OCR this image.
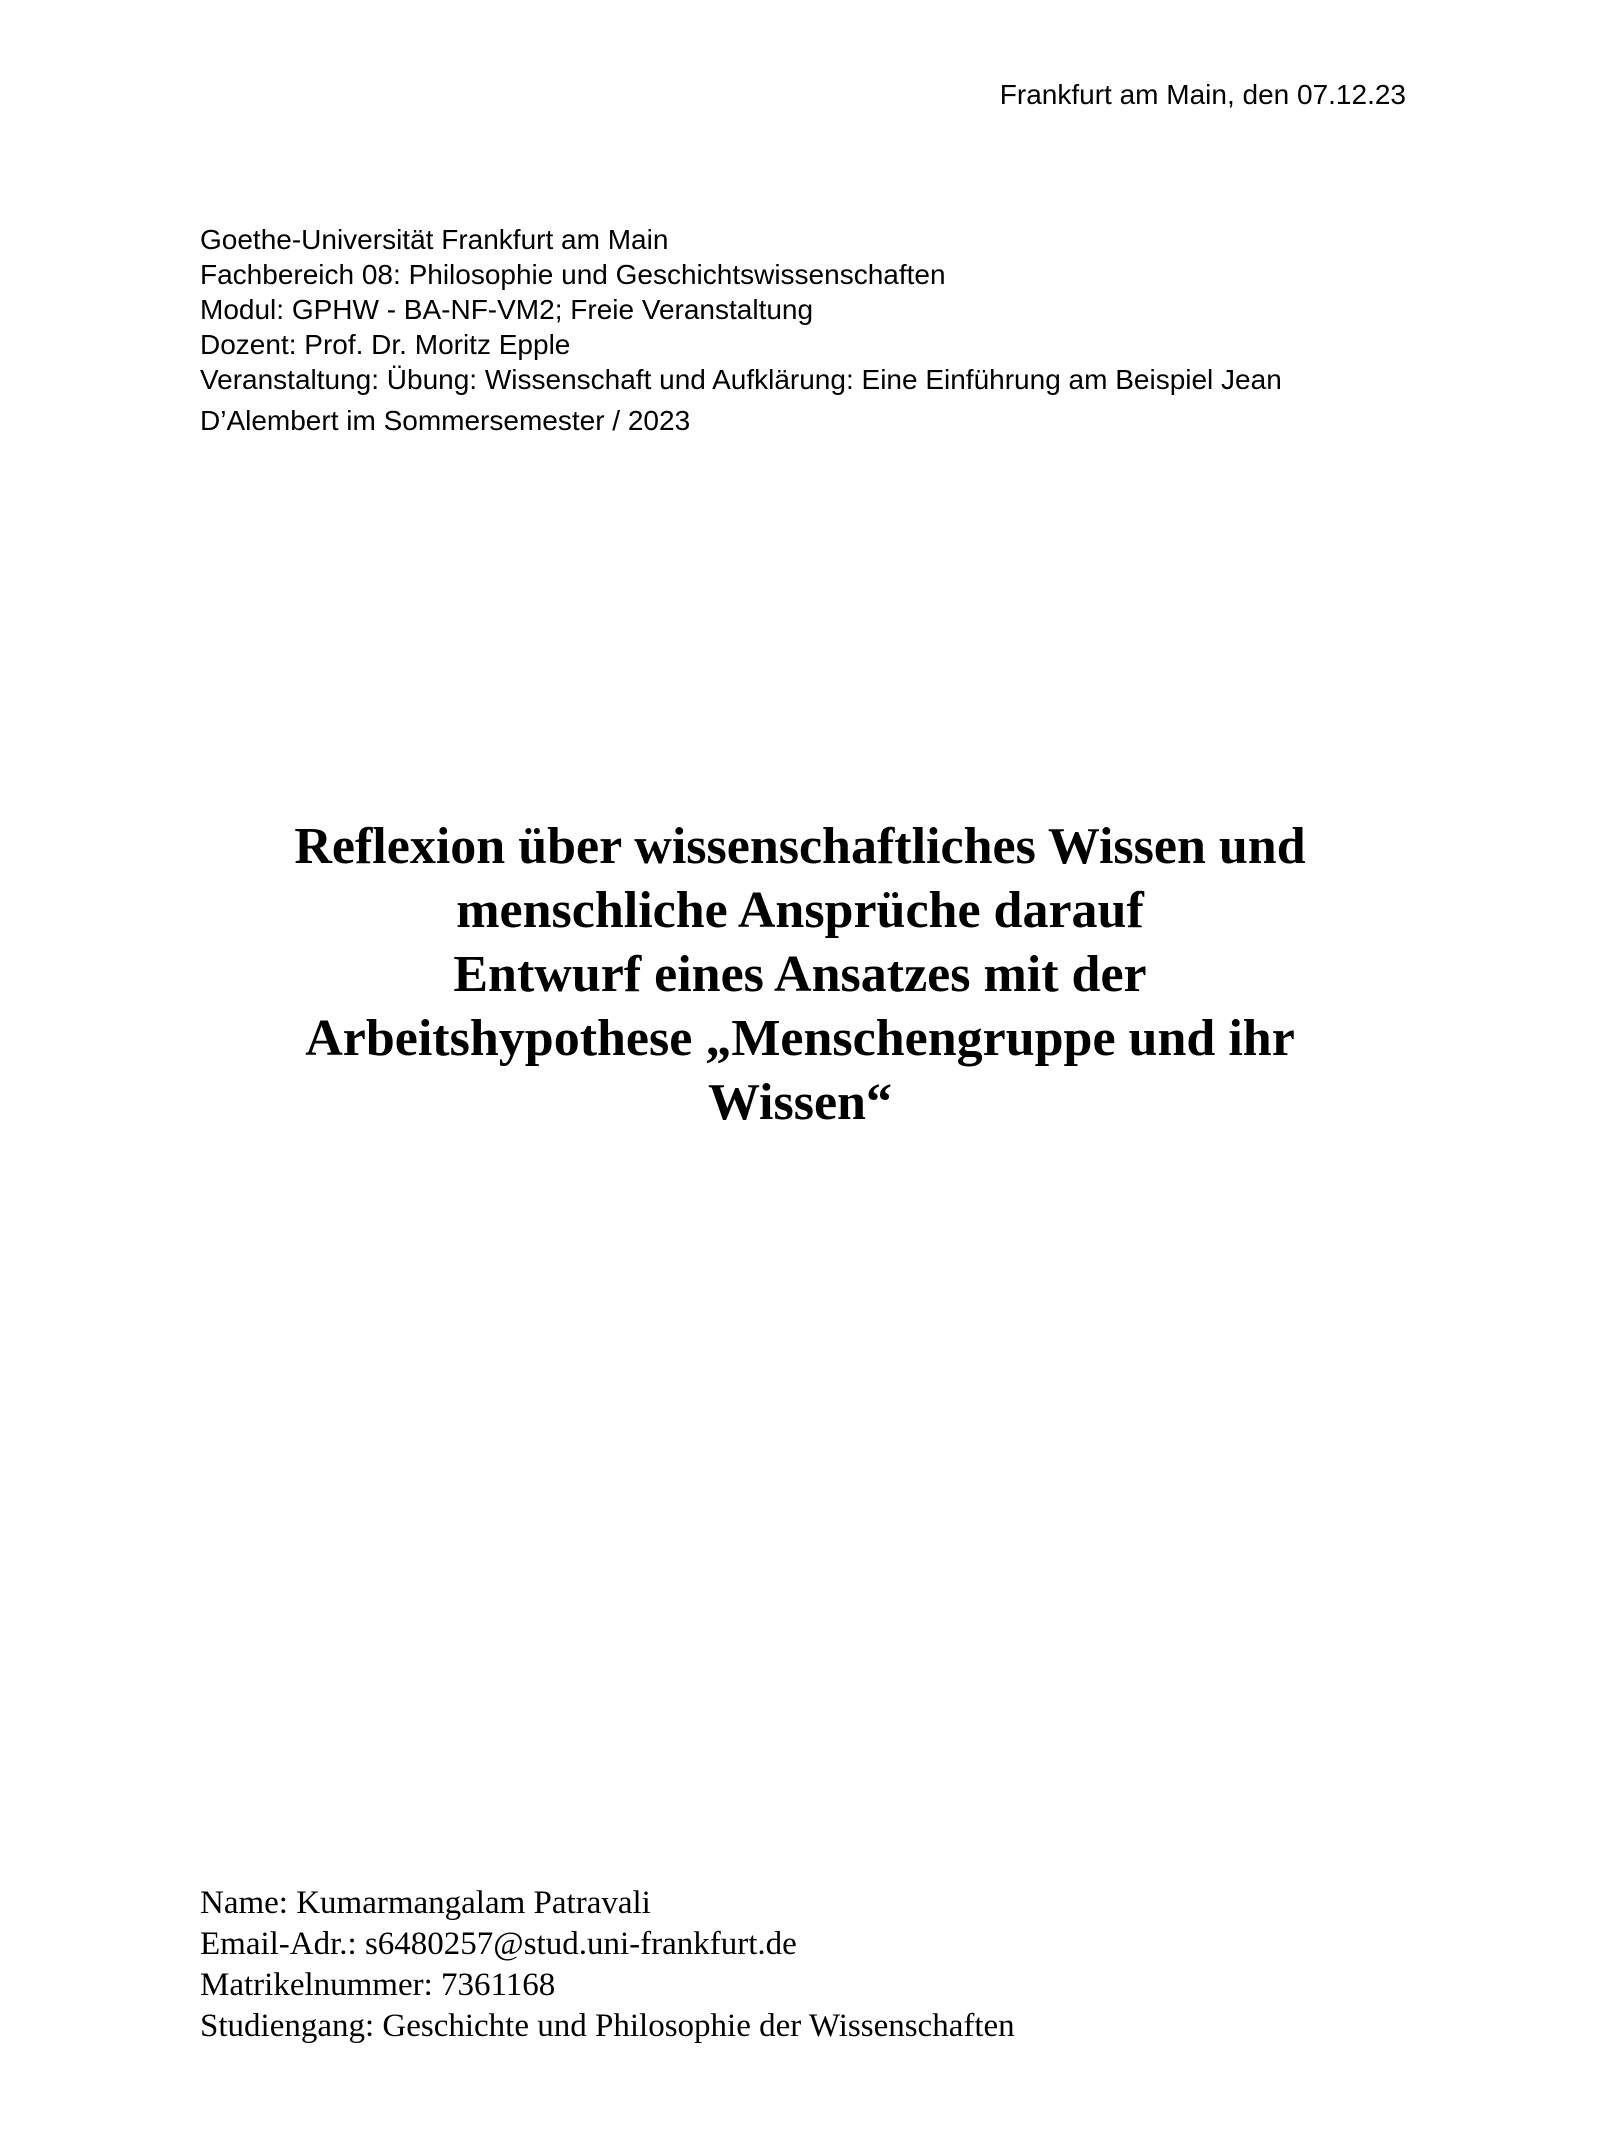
Frankfurt am Main, den 07.12.23
Goethe-Universität Frankfurt am Main
Fachbereich 08: Philosophie und Geschichtswissenschaften
Modul: GPHW - BA-NF-VM2; Freie Veranstaltung
Dozent: Prof. Dr. Moritz Epple
Veranstaltung: Übung: Wissenschaft und Aufklärung: Eine Einführung am Beispiel Jean
D’Alembert im Sommersemester / 2023
Reflexion über wissenschaftliches Wissen und
menschliche Ansprüche darauf
Entwurf eines Ansatzes mit der
Arbeitshypothese „Menschengruppe und ihr
Wissen“
Name: Kumarmangalam Patravali
Email-Adr.: s6480257@stud.uni-frankfurt.de
Matrikelnummer: 7361168
Studiengang: Geschichte und Philosophie der Wissenschaften
